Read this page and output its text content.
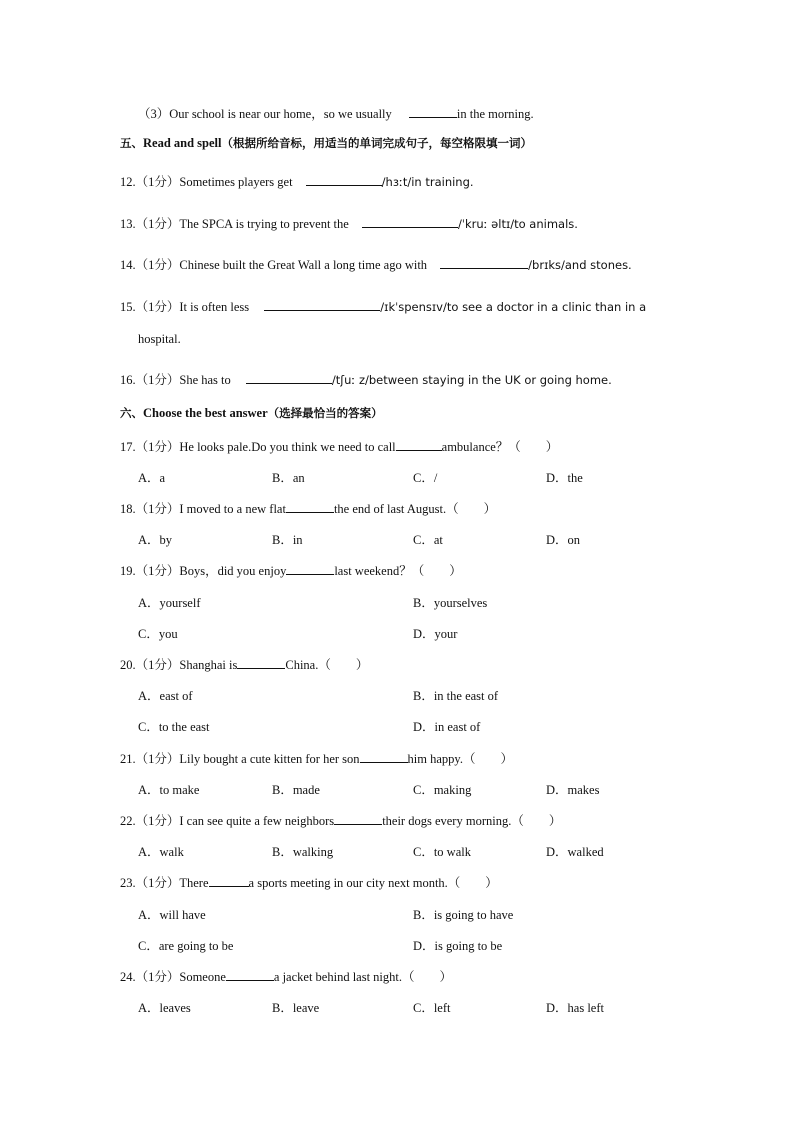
（3）Our school is near our home，so we usually	in the morning.
五、Read and spell（根据所给音标，用适当的单词完成句子，每空格限填一词）
12.（1分）Sometimes players get	/hɜːt/in training.
13.（1分）The SPCA is trying to prevent the	/ˈkruː əltɪ/to animals.
14.（1分）Chinese built the Great Wall a long time ago with	/brɪks/and stones.
15.（1分）It is often less	/ɪkˈspensɪv/to see a doctor in a clinic than in a
hospital.
16.（1分）She has to	/tʃuː z/between staying in the UK or going home.
六、Choose the best answer（选择最恰当的答案）
17.（1分）He looks pale.Do you think we need to call	ambulance？（　　）
A．a	B．an	C．/	D．the
18.（1分）I moved to a new flat	the end of last August.（　　）
A．by	B．in	C．at	D．on
19.（1分）Boys，did you enjoy	last weekend？（　　）
A．yourself	B．yourselves
C．you	D．your
20.（1分）Shanghai is	China.（　　）
A．east of	B．in the east of
C．to the east	D．in east of
21.（1分）Lily bought a cute kitten for her son	him happy.（　　）
A．to make	B．made	C．making	D．makes
22.（1分）I can see quite a few neighbors	their dogs every morning.（　　）
A．walk	B．walking	C．to walk	D．walked
23.（1分）There	a sports meeting in our city next month.（　　）
A．will have	B．is going to have
C．are going to be	D．is going to be
24.（1分）Someone	a jacket behind last night.（　　）
A．leaves	B．leave	C．left	D．has left
